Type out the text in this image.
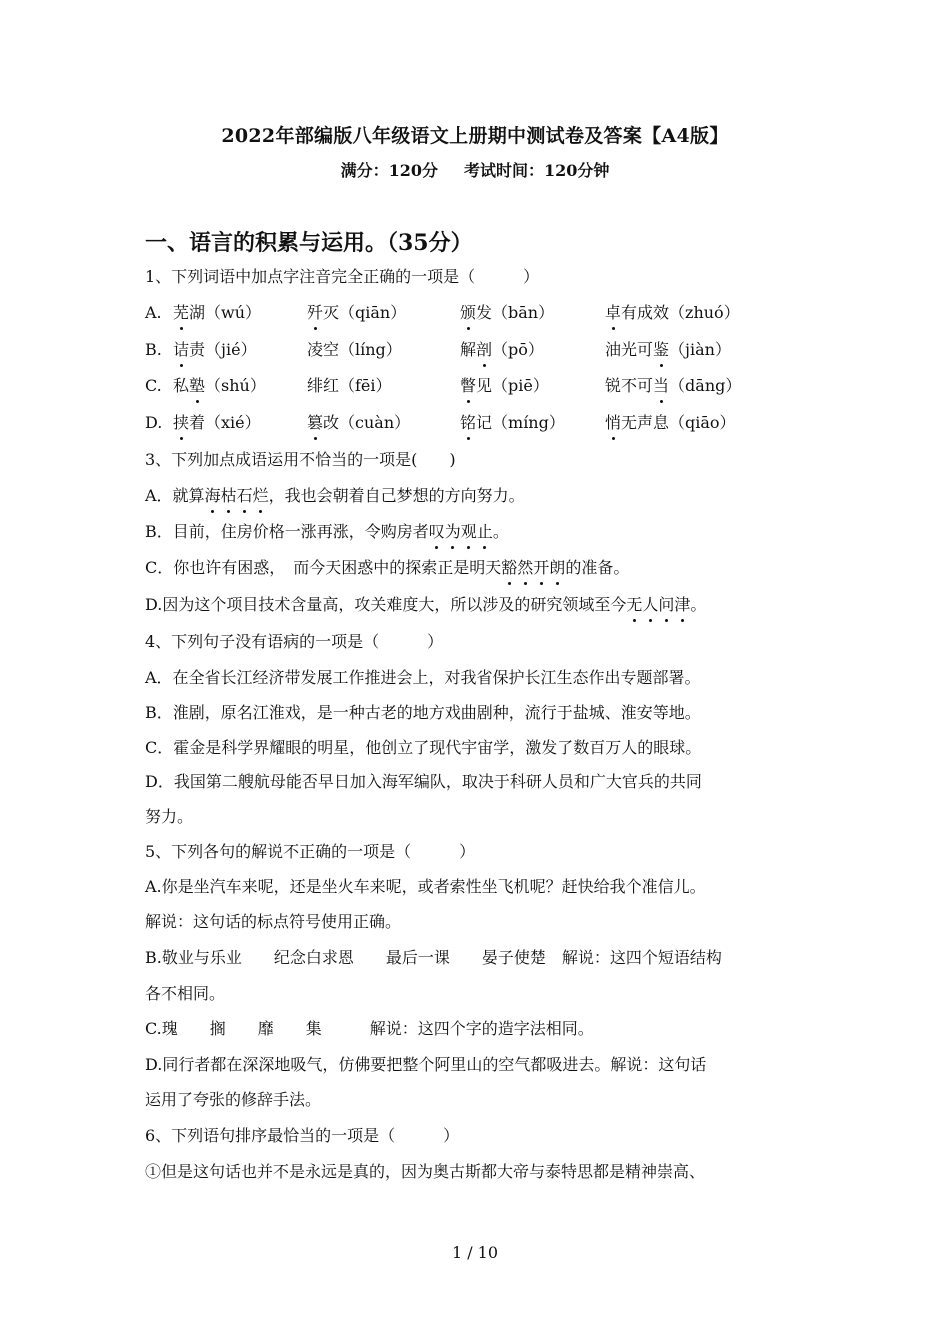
2022年部编版八年级语文上册期中测试卷及答案【A4版】
满分：120分 考试时间：120分钟
一、语言的积累与运用。（35分）
1、下列词语中加点字注音完全正确的一项是（　　　）
A. 芜湖（wú）	歼灭（qiān）	颁发（bān）	卓有成效（zhuó）
B. 诘责（jié）	凌空（líng）	解剖（pō）	油光可鉴（jiàn）
C. 私塾（shú）	绯红（fēi）	瞥见（piē）	锐不可当（dāng）
D. 挟着（xié）	篡改（cuàn）	铭记（míng）	悄无声息（qiāo）
3、下列加点成语运用不恰当的一项是(　　)
A．就算海枯石烂，我也会朝着自己梦想的方向努力。
B．目前，住房价格一涨再涨，令购房者叹为观止。
C．你也许有困惑，　而今天困惑中的探索正是明天豁然开朗的准备。
D.因为这个项目技术含量高，攻关难度大，所以涉及的研究领域至今无人问津。
4、下列句子没有语病的一项是（　　　）
A．在全省长江经济带发展工作推进会上，对我省保护长江生态作出专题部署。
B．淮剧，原名江淮戏，是一种古老的地方戏曲剧种，流行于盐城、淮安等地。
C．霍金是科学界耀眼的明星，他创立了现代宇宙学，激发了数百万人的眼球。
D．我国第二艘航母能否早日加入海军编队，取决于科研人员和广大官兵的共同
努力。
5、下列各句的解说不正确的一项是（　　　）
A.你是坐汽车来呢，还是坐火车来呢，或者索性坐飞机呢？赶快给我个准信儿。
解说：这句话的标点符号使用正确。
B.敬业与乐业　　纪念白求恩　　最后一课　　晏子使楚　解说：这四个短语结构
各不相同。
C.瑰　　搁　　靡　　集　　　解说：这四个字的造字法相同。
D.同行者都在深深地吸气，仿佛要把整个阿里山的空气都吸进去。解说：这句话
运用了夸张的修辞手法。
6、下列语句排序最恰当的一项是（　　　）
①但是这句话也并不是永远是真的，因为奥古斯都大帝与泰特思都是精神崇高、
1 / 10
